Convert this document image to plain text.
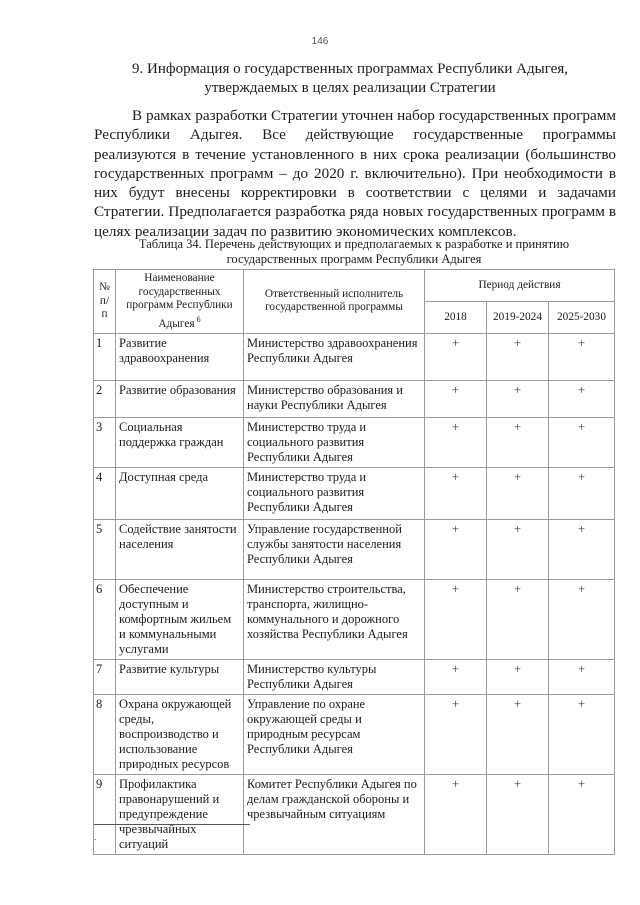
146
9. Информация о государственных программах Республики Адыгея,
утверждаемых в целях реализации Стратегии

В рамках разработки Стратегии уточнен набор государственных программ Республики Адыгея. Все действующие государственные программы реализуются в течение установленного в них срока реализации (большинство государственных программ – до 2020 г. включительно). При необходимости в них будут внесены корректировки в соответствии с целями и задачами Стратегии. Предполагается разработка ряда новых государственных программ в целях реализации задач по развитию экономических комплексов.

Таблица 34. Перечень действующих и предполагаемых к разработке и принятию
государственных программ Республики Адыгея
№ п/п	Наименование государственных программ Республики Адыгея $^6$	Ответственный исполнитель государственной программы	Период действия		
			2018	2019-2024	2025-2030
1	Развитие здравоохранения	Министерство здравоохранения Республики Адыгея	+	+	+
2	Развитие образования	Министерство образования и науки Республики Адыгея	+	+	+
3	Социальная поддержка граждан	Министерство труда и социального развития Республики Адыгея	+	+	+
4	Доступная среда	Министерство труда и социального развития Республики Адыгея	+	+	+
5	Содействие занятости населения	Управление государственной службы занятости населения Республики Адыгея	+	+	+
6	Обеспечение доступным и комфортным жильем и коммунальными услугами	Министерство строительства, транспорта, жилищно-коммунального и дорожного хозяйства Республики Адыгея	+	+	+
7	Развитие культуры	Министерство культуры Республики Адыгея	+	+	+
8	Охрана окружающей среды, воспроизводство и использование природных ресурсов	Управление по охране окружающей среды и природным ресурсам Республики Адыгея	+	+	+
9	Профилактика правонарушений и предупреждение чрезвычайных ситуаций	Комитет Республики Адыгея по делам гражданской обороны и чрезвычайным ситуациям	+	+	+
.
